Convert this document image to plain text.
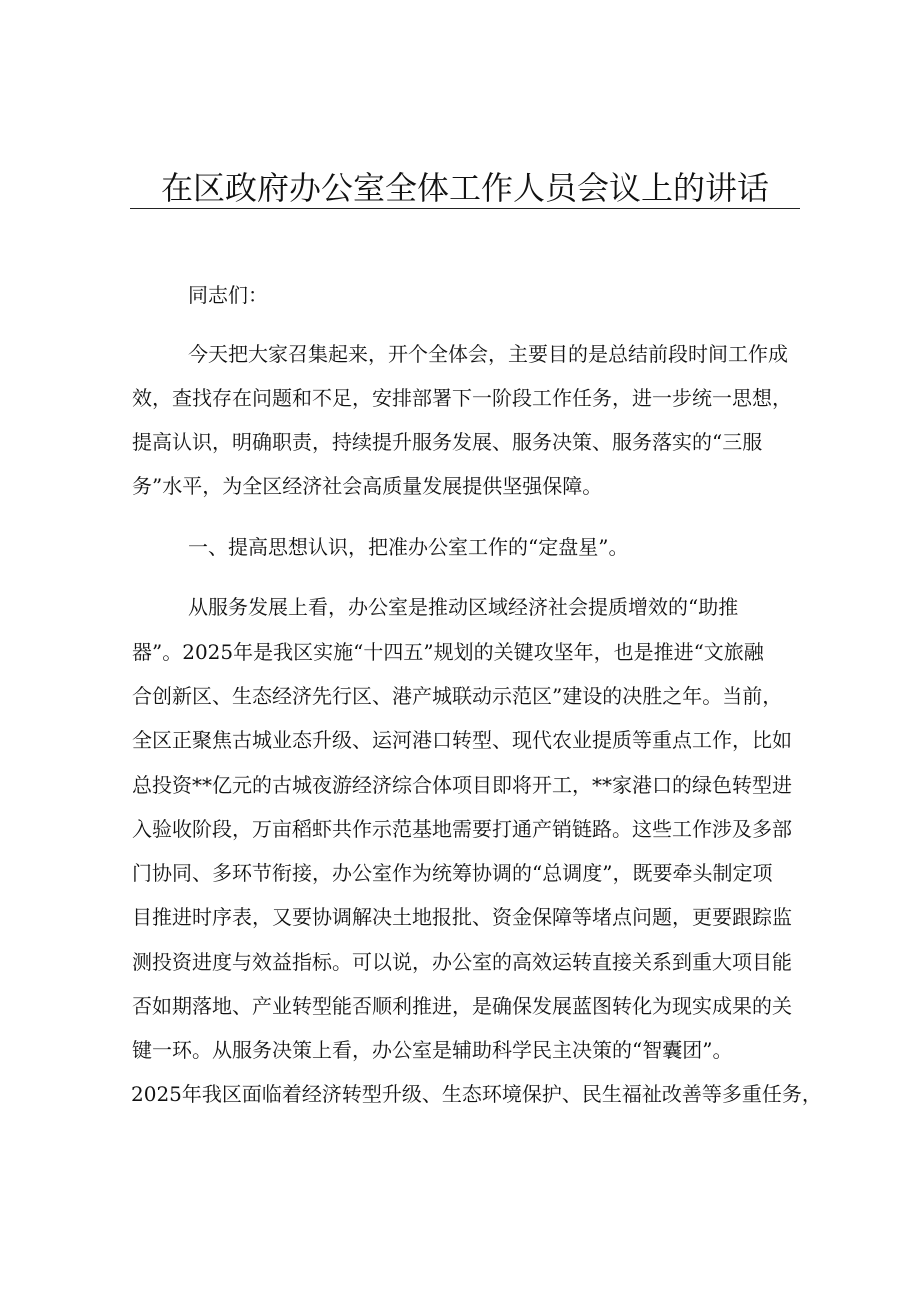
在区政府办公室全体工作人员会议上的讲话

同志们：

今天把大家召集起来，开个全体会，主要目的是总结前段时间工作成

效，查找存在问题和不足，安排部署下一阶段工作任务，进一步统一思想，

提高认识，明确职责，持续提升服务发展、服务决策、服务落实的“三服

务”水平，为全区经济社会高质量发展提供坚强保障。

一、提高思想认识，把准办公室工作的“定盘星”。

从服务发展上看，办公室是推动区域经济社会提质增效的“助推

器”。2025年是我区实施“十四五”规划的关键攻坚年，也是推进“文旅融

合创新区、生态经济先行区、港产城联动示范区”建设的决胜之年。当前，

全区正聚焦古城业态升级、运河港口转型、现代农业提质等重点工作，比如

总投资**亿元的古城夜游经济综合体项目即将开工，**家港口的绿色转型进

入验收阶段，万亩稻虾共作示范基地需要打通产销链路。这些工作涉及多部

门协同、多环节衔接，办公室作为统筹协调的“总调度”，既要牵头制定项

目推进时序表，又要协调解决土地报批、资金保障等堵点问题，更要跟踪监

测投资进度与效益指标。可以说，办公室的高效运转直接关系到重大项目能

否如期落地、产业转型能否顺利推进，是确保发展蓝图转化为现实成果的关

键一环。从服务决策上看，办公室是辅助科学民主决策的“智囊团”。

2025年我区面临着经济转型升级、生态环境保护、民生福祉改善等多重任务，
